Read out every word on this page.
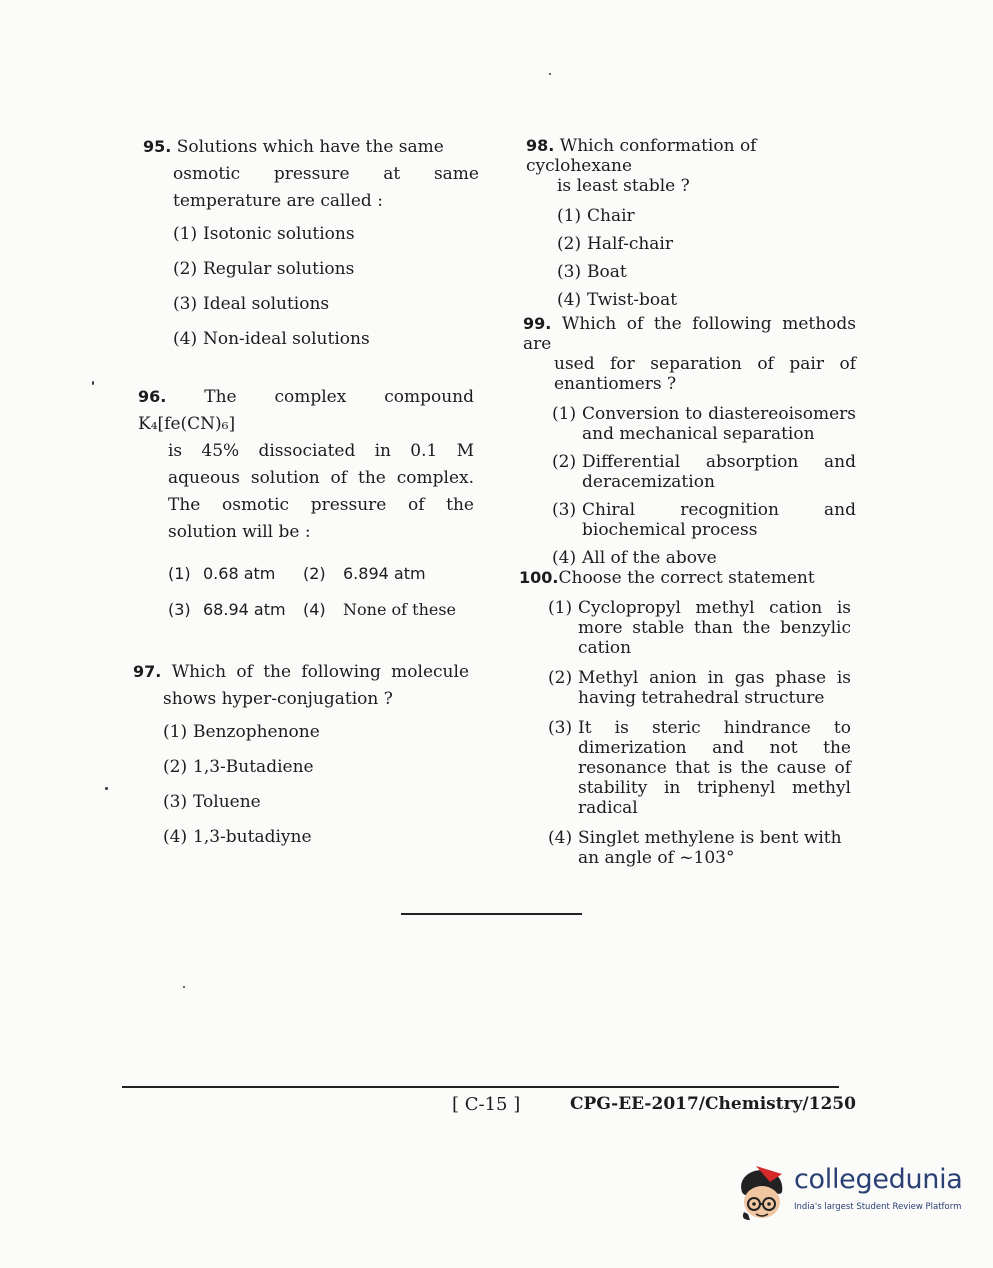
95. Solutions which have the same
osmotic pressure at same
temperature are called :
(1) Isotonic solutions
(2) Regular solutions
(3) Ideal solutions
(4) Non-ideal solutions
96. The complex compound K₄[fe(CN)₆]
is 45% dissociated in 0.1 M
aqueous solution of the complex.
The osmotic pressure of the
solution will be :
(1) 0.68 atm	(2)	6.894 atm
(3) 68.94 atm	(4)	None of these
97. Which of the following molecule
shows hyper-conjugation ?
(1) Benzophenone
(2) 1,3-Butadiene
(3) Toluene
(4) 1,3-butadiyne
98. Which conformation of cyclohexane
is least stable ?
(1) Chair
(2) Half-chair
(3) Boat
(4) Twist-boat
99. Which of the following methods are
used for separation of pair of
enantiomers ?
(1) Conversion to diastereoisomers
and mechanical separation
(2) Differential absorption and
deracemization
(3) Chiral recognition and
biochemical process
(4) All of the above
100.Choose the correct statement
(1) Cyclopropyl methyl cation is
more stable than the benzylic
cation
(2) Methyl anion in gas phase is
having tetrahedral structure
(3) It is steric hindrance to
dimerization and not the
resonance that is the cause of
stability in triphenyl methyl
radical
(4) Singlet methylene is bent with
an angle of ~103°
[ C-15 ]	CPG-EE-2017/Chemistry/1250
collegedunia
India's largest Student Review Platform
